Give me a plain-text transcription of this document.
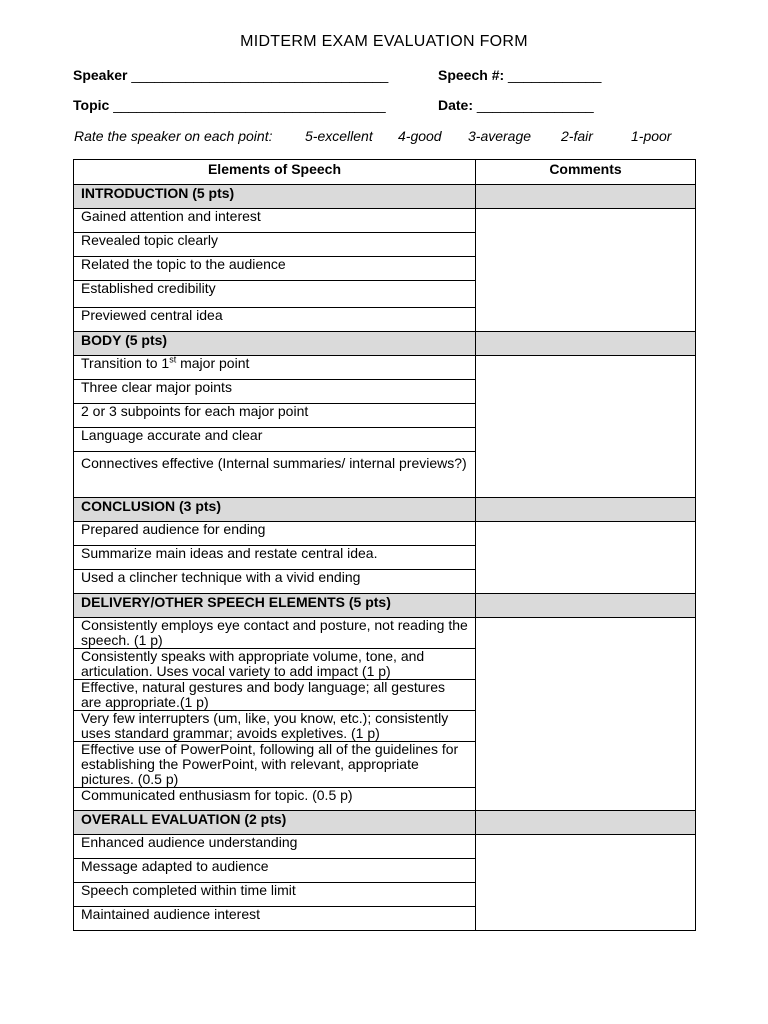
MIDTERM EXAM EVALUATION FORM
Speaker _________________________________	Speech #: ____________
Topic ___________________________________	Date: _______________
Rate the speaker on each point: 5-excellent 4-good 3-average 2-fair	1-poor
Elements of Speech	Comments
INTRODUCTION (5 pts)	
Gained attention and interest	
Revealed topic clearly	
Related the topic to the audience	
Established credibility	
Previewed central idea	
BODY (5 pts)	
Transition to 1st major point	
Three clear major points	
2 or 3 subpoints for each major point	
Language accurate and clear	
Connectives effective (Internal summaries/ internal previews?)	
CONCLUSION (3 pts)	
Prepared audience for ending	
Summarize main ideas and restate central idea.	
Used a clincher technique with a vivid ending	
DELIVERY/OTHER SPEECH ELEMENTS (5 pts)	
Consistently employs eye contact and posture, not reading the speech. (1 p)	
Consistently speaks with appropriate volume, tone, and articulation. Uses vocal variety to add impact (1 p)	
Effective, natural gestures and body language; all gestures are appropriate.(1 p)	
Very few interrupters (um, like, you know, etc.); consistently uses standard grammar; avoids expletives. (1 p)	
Effective use of PowerPoint, following all of the guidelines for establishing the PowerPoint, with relevant, appropriate pictures. (0.5 p)	
Communicated enthusiasm for topic. (0.5 p)	
OVERALL EVALUATION (2 pts)	
Enhanced audience understanding	
Message adapted to audience	
Speech completed within time limit	
Maintained audience interest	
